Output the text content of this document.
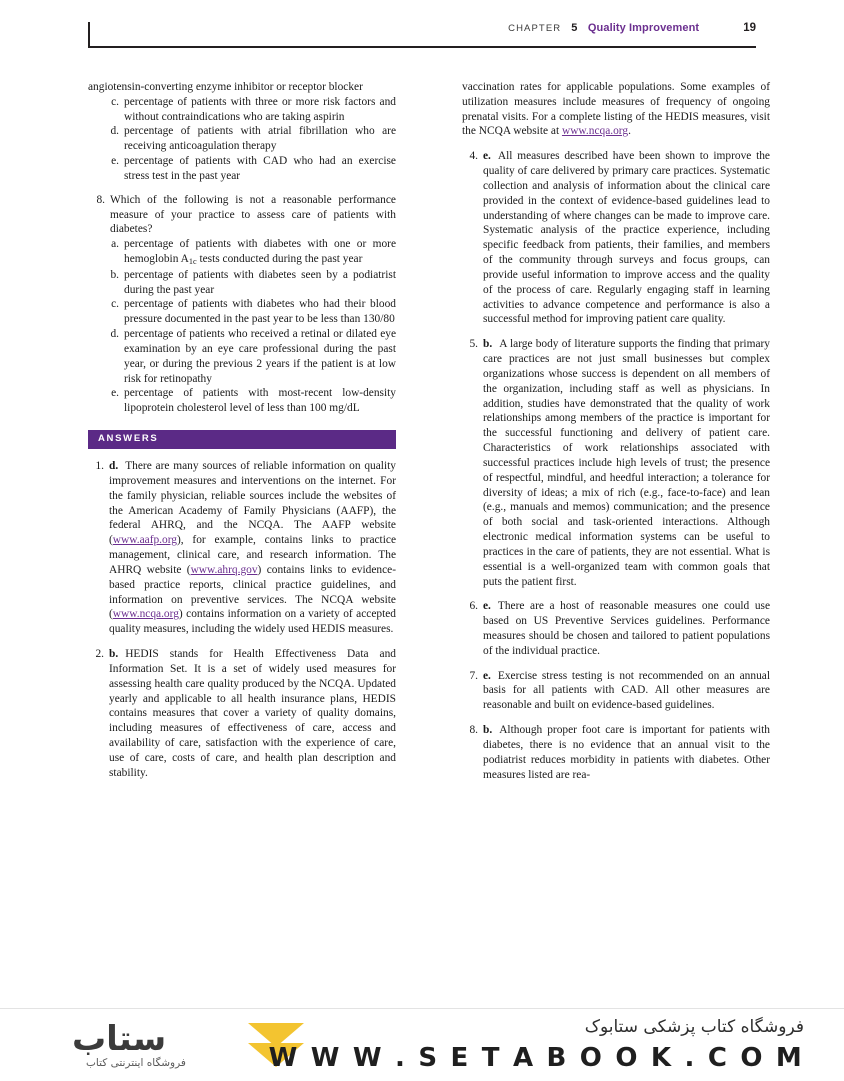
CHAPTER 5 Quality Improvement	19
angiotensin-converting enzyme inhibitor or receptor blocker
c. percentage of patients with three or more risk factors and without contraindications who are taking aspirin
d. percentage of patients with atrial fibrillation who are receiving anticoagulation therapy
e. percentage of patients with CAD who had an exercise stress test in the past year
8. Which of the following is not a reasonable performance measure of your practice to assess care of patients with diabetes?
a. percentage of patients with diabetes with one or more hemoglobin $A_{1c}$ tests conducted during the past year
b. percentage of patients with diabetes seen by a podiatrist during the past year
c. percentage of patients with diabetes who had their blood pressure documented in the past year to be less than 130/80
d. percentage of patients who received a retinal or dilated eye examination by an eye care professional during the past year, or during the previous 2 years if the patient is at low risk for retinopathy
e. percentage of patients with most-recent low-density lipoprotein cholesterol level of less than 100 mg/dL
ANSWERS
1. d. There are many sources of reliable information on quality improvement measures and interventions on the internet. For the family physician, reliable sources include the websites of the American Academy of Family Physicians (AAFP), the federal AHRQ, and the NCQA. The AAFP website (www.aafp.org), for example, contains links to practice management, clinical care, and research information. The AHRQ website (www.ahrq.gov) contains links to evidence-based practice reports, clinical practice guidelines, and information on preventive services. The NCQA website (www.ncqa.org) contains information on a variety of accepted quality measures, including the widely used HEDIS measures.
2. b. HEDIS stands for Health Effectiveness Data and Information Set. It is a set of widely used measures for assessing health care quality produced by the NCQA. Updated yearly and applicable to all health insurance plans, HEDIS contains measures that cover a variety of quality domains, including measures of effectiveness of care, access and availability of care, satisfaction with the experience of care, use of care, costs of care, and health plan description and stability.
vaccination rates for applicable populations. Some examples of utilization measures include measures of frequency of ongoing prenatal visits. For a complete listing of the HEDIS measures, visit the NCQA website at www.ncqa.org.
4. e. All measures described have been shown to improve the quality of care delivered by primary care practices. Systematic collection and analysis of information about the clinical care provided in the context of evidence-based guidelines lead to understanding of where changes can be made to improve care. Systematic analysis of the practice experience, including specific feedback from patients, their families, and members of the community through surveys and focus groups, can provide useful information to improve access and the quality of the process of care. Regularly engaging staff in learning activities to advance competence and performance is also a successful method for improving patient care quality.
5. b. A large body of literature supports the finding that primary care practices are not just small businesses but complex organizations whose success is dependent on all members of the organization, including staff as well as physicians. In addition, studies have demonstrated that the quality of work relationships among members of the practice is important for the successful functioning and delivery of patient care. Characteristics of work relationships associated with successful practices include high levels of trust; the presence of respectful, mindful, and heedful interaction; a tolerance for diversity of ideas; a mix of rich (e.g., face-to-face) and lean (e.g., manuals and memos) communication; and the presence of both social and task-oriented interactions. Although electronic medical information systems can be useful to practices in the care of patients, they are not essential. What is essential is a well-organized team with common goals that puts the patient first.
6. e. There are a host of reasonable measures one could use based on US Preventive Services guidelines. Performance measures should be chosen and tailored to patient populations of the individual practice.
7. e. Exercise stress testing is not recommended on an annual basis for all patients with CAD. All other measures are reasonable and built on evidence-based guidelines.
8. b. Although proper foot care is important for patients with diabetes, there is no evidence that an annual visit to the podiatrist reduces morbidity in patients with diabetes. Other measures listed are rea-
ستاب
فروشگاه اینترنتی کتاب
فروشگاه کتاب پزشکی ستابوک
W W W . S E T A B O O K . C O M
